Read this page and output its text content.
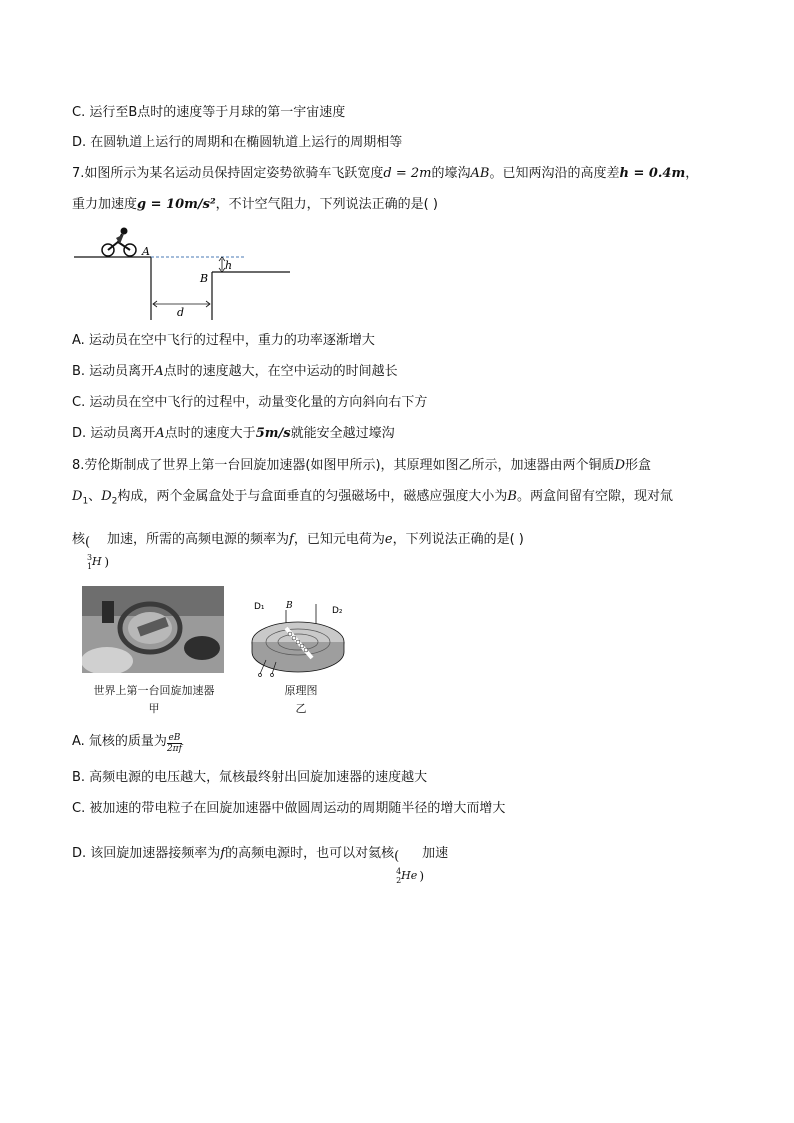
C. 运行至B点时的速度等于月球的第一宇宙速度
D. 在圆轨道上运行的周期和在椭圆轨道上运行的周期相等
7.如图所示为某名运动员保持固定姿势欲骑车飞跃宽度d = 2m的壕沟AB。已知两沟沿的高度差h = 0.4m，
重力加速度g = 10m/s²，不计空气阻力，下列说法正确的是( )
A
B
h
d
A. 运动员在空中飞行的过程中，重力的功率逐渐增大
B. 运动员离开A点时的速度越大，在空中运动的时间越长
C. 运动员在空中飞行的过程中，动量变化量的方向斜向右下方
D. 运动员离开A点时的速度大于5m/s就能安全越过壕沟
8.劳伦斯制成了世界上第一台回旋加速器(如图甲所示)，其原理如图乙所示，加速器由两个铜质D形盒
$D_1$、$D_2$构成，两个金属盒处于与盒面垂直的匀强磁场中，磁感应强度大小为B。两盒间留有空隙，现对氚
核 (
3
1 H )
加速，所需的高频电源的频率为f，已知元电荷为e，下列说法正确的是( )
世界上第一台回旋加速器
甲
D₁	D₂
B
原理图
乙
A. 氚核的质量为 $\frac{eB}{2\pi f}$
B. 高频电源的电压越大，氚核最终射出回旋加速器的速度越大
C. 被加速的带电粒子在回旋加速器中做圆周运动的周期随半径的增大而增大
D. 该回旋加速器接频率为f的高频电源时，也可以对氦核 (
4
2 He )
加速
